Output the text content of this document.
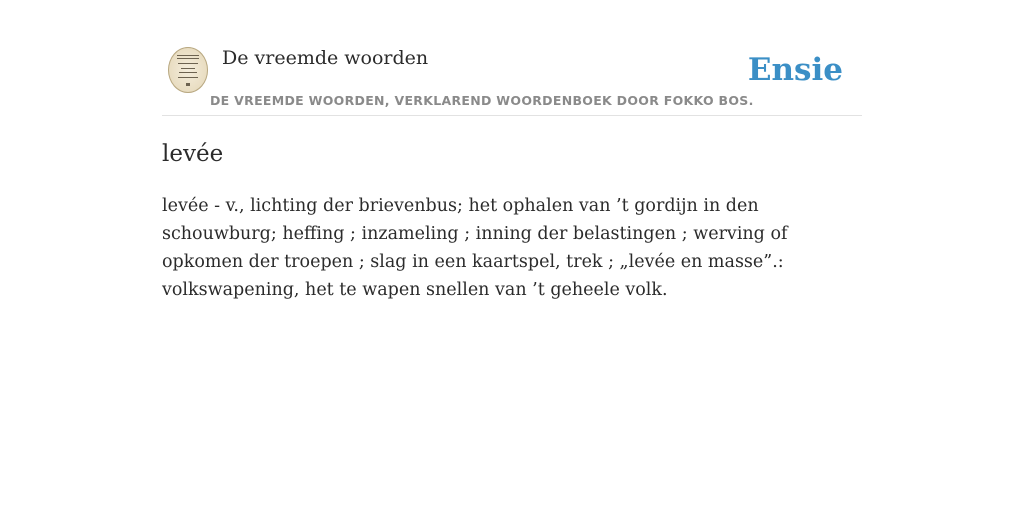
De vreemde woorden
DE VREEMDE WOORDEN, VERKLAREND WOORDENBOEK DOOR FOKKO BOS.
Ensie
levée

levée - v., lichting der brievenbus; het ophalen van ’t gordijn in den schouwburg; heffing ; inzameling ; inning der belastingen ; werving of opkomen der troepen ; slag in een kaartspel, trek ; „levée en masse”.: volkswapening, het te wapen snellen van ’t geheele volk.
